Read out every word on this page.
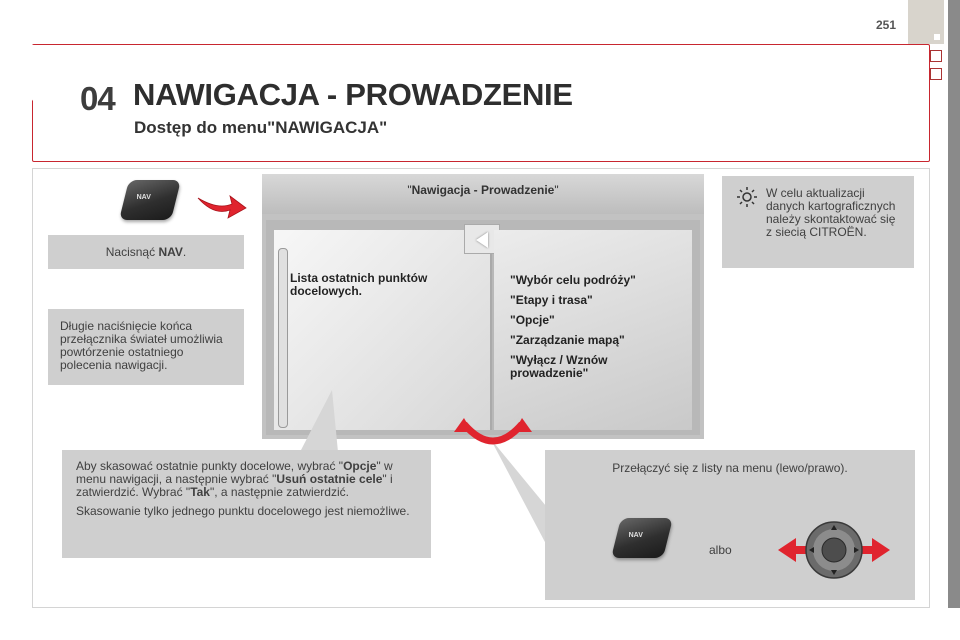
251
04 NAWIGACJA - PROWADZENIE
Dostęp do menu"NAWIGACJA"
NAV
Nacisnąć NAV.
Długie naciśnięcie końca przełącznika świateł umożliwia powtórzenie ostatniego polecenia nawigacji.
"Nawigacja - Prowadzenie"
Lista ostatnich punktów docelowych.
"Wybór celu podróży"
"Etapy i trasa"
"Opcje"
"Zarządzanie mapą"
"Wyłącz / Wznów prowadzenie"
W celu aktualizacji danych kartograficznych należy skontaktować się z siecią CITROËN.

Aby skasować ostatnie punkty docelowe, wybrać "Opcje" w menu nawigacji, a następnie wybrać "Usuń ostatnie cele" i zatwierdzić. Wybrać "Tak", a następnie zatwierdzić.

Skasowanie tylko jednego punktu docelowego jest niemożliwe.

Przełączyć się z listy na menu (lewo/prawo).
albo
NAV
